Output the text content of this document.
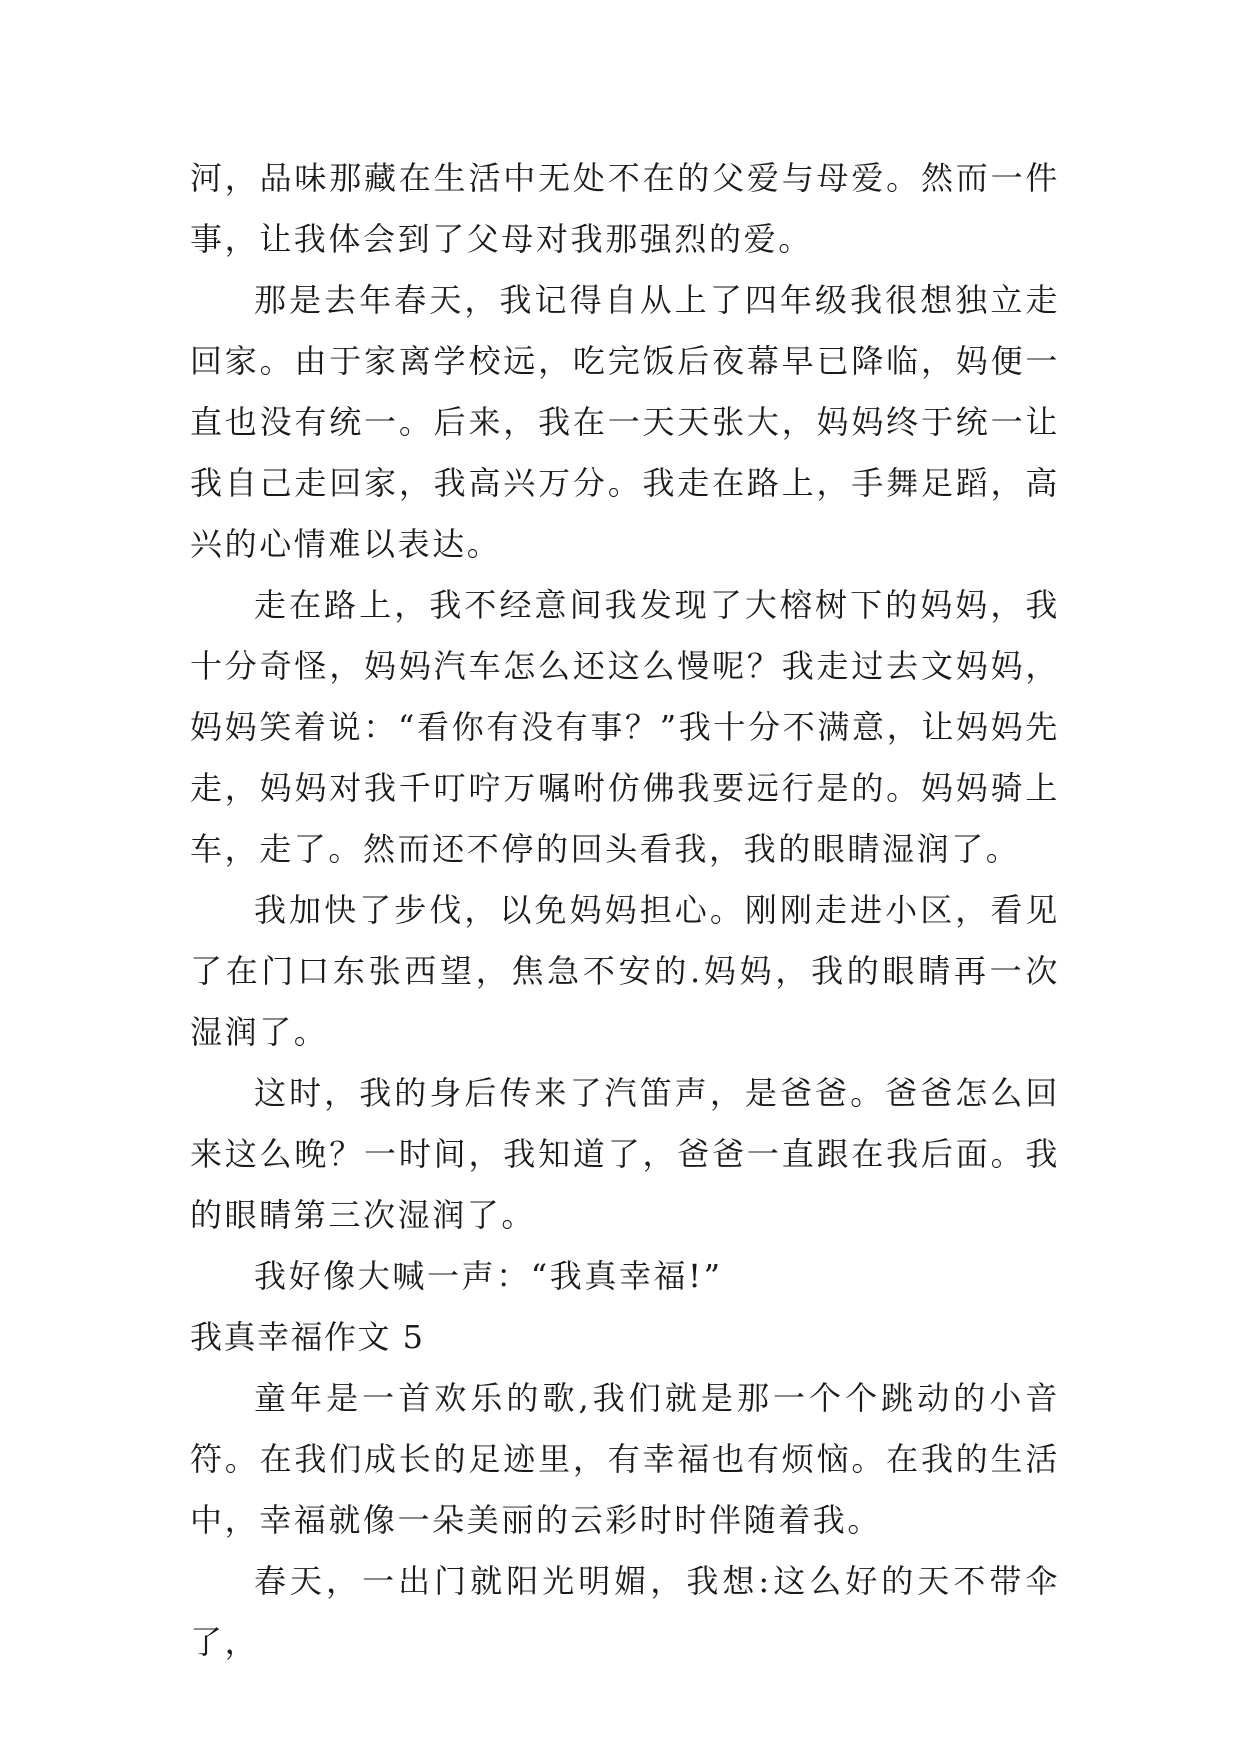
河，品味那藏在生活中无处不在的父爱与母爱。然而一件事，让我体会到了父母对我那强烈的爱。

那是去年春天，我记得自从上了四年级我很想独立走回家。由于家离学校远，吃完饭后夜幕早已降临，妈便一直也没有统一。后来，我在一天天张大，妈妈终于统一让我自己走回家，我高兴万分。我走在路上，手舞足蹈，高兴的心情难以表达。

走在路上，我不经意间我发现了大榕树下的妈妈，我十分奇怪，妈妈汽车怎么还这么慢呢？我走过去文妈妈，妈妈笑着说：“看你有没有事？”我十分不满意，让妈妈先走，妈妈对我千叮咛万嘱咐仿佛我要远行是的。妈妈骑上车，走了。然而还不停的回头看我，我的眼睛湿润了。

我加快了步伐，以免妈妈担心。刚刚走进小区，看见了在门口东张西望，焦急不安的.妈妈，我的眼睛再一次湿润了。

这时，我的身后传来了汽笛声，是爸爸。爸爸怎么回来这么晚？一时间，我知道了，爸爸一直跟在我后面。我的眼睛第三次湿润了。

我好像大喊一声：“我真幸福!”

我真幸福作文 5

童年是一首欢乐的歌,我们就是那一个个跳动的小音符。在我们成长的足迹里，有幸福也有烦恼。在我的生活中，幸福就像一朵美丽的云彩时时伴随着我。

春天，一出门就阳光明媚，我想:这么好的天不带伞了，
